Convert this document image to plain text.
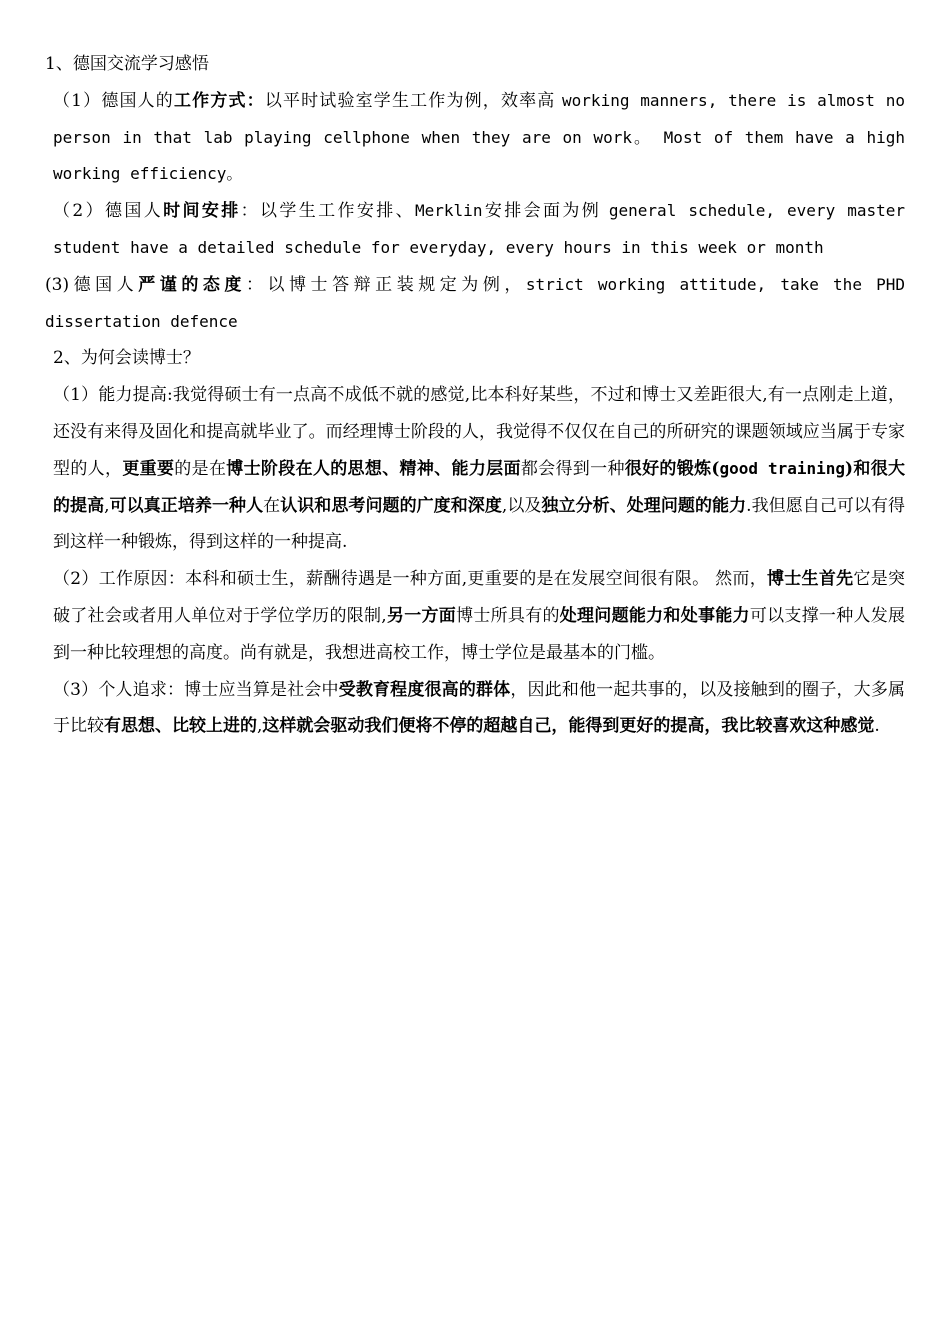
1、德国交流学习感悟

（1）德国人的工作方式：以平时试验室学生工作为例，效率高 working manners, there is almost no person in that lab playing cellphone when they are on work。 Most of them have a high working efficiency。

（2）德国人时间安排：以学生工作安排、Merklin安排会面为例 general schedule, every master student have a detailed schedule for everyday, every hours in this week or month

(3)德国人严谨的态度：以博士答辩正装规定为例，strict working attitude, take the PHD dissertation defence

2、为何会读博士？

（1）能力提高:我觉得硕士有一点高不成低不就的感觉,比本科好某些，不过和博士又差距很大,有一点刚走上道，还没有来得及固化和提高就毕业了。而经理博士阶段的人，我觉得不仅仅在自己的所研究的课题领域应当属于专家型的人，更重要的是在博士阶段在人的思想、精神、能力层面都会得到一种很好的锻炼(good training)和很大的提高,可以真正培养一种人在认识和思考问题的广度和深度,以及独立分析、处理问题的能力.我但愿自己可以有得到这样一种锻炼，得到这样的一种提高.

（2）工作原因：本科和硕士生，薪酬待遇是一种方面,更重要的是在发展空间很有限。 然而，博士生首先它是突破了社会或者用人单位对于学位学历的限制,另一方面博士所具有的处理问题能力和处事能力可以支撑一种人发展到一种比较理想的高度。尚有就是，我想进高校工作，博士学位是最基本的门槛。

（3）个人追求：博士应当算是社会中受教育程度很高的群体，因此和他一起共事的，以及接触到的圈子，大多属于比较有思想、比较上进的,这样就会驱动我们便将不停的超越自己，能得到更好的提高，我比较喜欢这种感觉.
